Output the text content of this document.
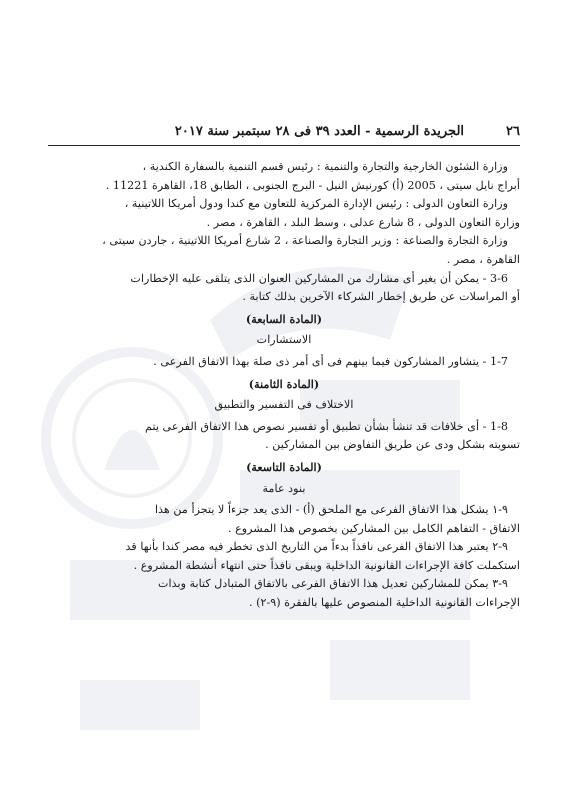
٢٦
الجريدة الرسمية - العدد ٣٩ فى ٢٨ سبتمبر سنة ٢٠١٧

وزارة الشئون الخارجية والتجارة والتنمية : رئيس قسم التنمية بالسفارة الكندية ،

أبراج نايل سيتى ، 2005 (أ) كورنيش النيل - البرج الجنوبى ، الطابق 18، القاهرة 11221 .

وزارة التعاون الدولى : رئيس الإدارة المركزية للتعاون مع كندا ودول أمريكا اللاتينية ،

وزارة التعاون الدولى ، 8 شارع عدلى ، وسط البلد ، القاهرة ، مصر .

وزارة التجارة والصناعة : وزير التجارة والصناعة ، 2 شارع أمريكا اللاتينية ، جاردن سيتى ،

القاهرة ، مصر .

3-6 - يمكن أن يغير أى مشارك من المشاركين العنوان الذى يتلقى عليه الإخطارات

أو المراسلات عن طريق إخطار الشركاء الآخرين بذلك كتابة .

(المادة السابعة)

الاستشارات

1-7 - يتشاور المشاركون فيما بينهم فى أى أمر ذى صلة بهذا الاتفاق الفرعى .

(المادة الثامنة)

الاختلاف فى التفسير والتطبيق

1-8 - أى خلافات قد تنشأ بشأن تطبيق أو تفسير نصوص هذا الاتفاق الفرعى يتم

تسويته بشكل ودى عن طريق التفاوض بين المشاركين .

(المادة التاسعة)

بنود عامة

٩-١ يشكل هذا الاتفاق الفرعى مع الملحق (أ) - الذى يعد جزءاً لا يتجزأ من هذا

الاتفاق - التفاهم الكامل بين المشاركين بخصوص هذا المشروع .

٩-٢ يعتبر هذا الاتفاق الفرعى نافذاً بدءاً من التاريخ الذى تخطر فيه مصر كندا بأنها قد

استكملت كافة الإجراءات القانونية الداخلية ويبقى نافذاً حتى انتهاء أنشطة المشروع .

٩-٣ يمكن للمشاركين تعديل هذا الاتفاق الفرعى بالاتفاق المتبادل كتابة وبذات

الإجراءات القانونية الداخلية المنصوص عليها بالفقرة (٩-٢) .
